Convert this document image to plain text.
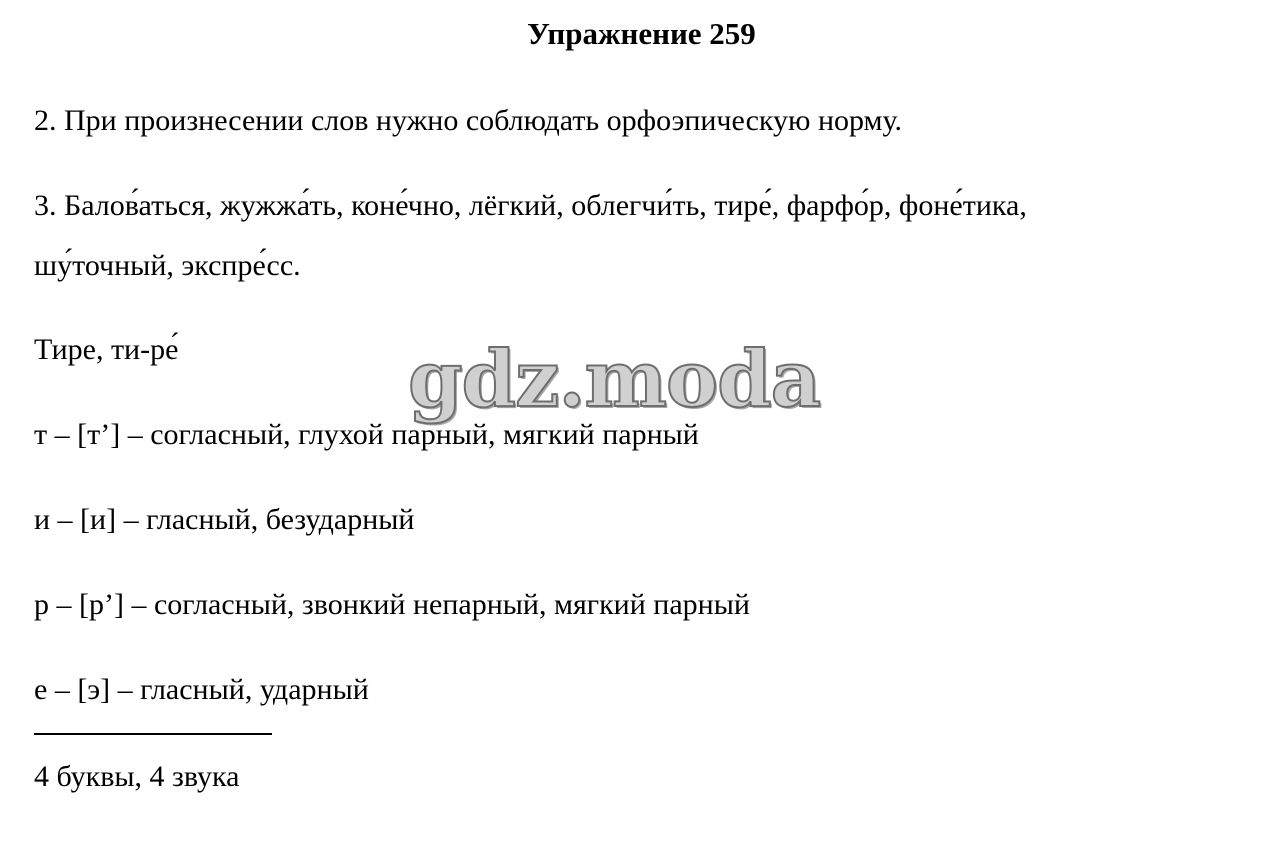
Упражнение 259
2. При произнесении слов нужно соблюдать орфоэпическую норму.
3. Балов́аться, жужжа́ть, коне́чно, лёгкий, облегчи́ть, тире́, фарфо́р, фоне́тика,
шу́точный, экспре́сс.
Тире, ти-ре́
т – [т’] – согласный, глухой парный, мягкий парный
и – [и] – гласный, безударный
р – [р’] – согласный, звонкий непарный, мягкий парный
е – [э] – гласный, ударный
4 буквы, 4 звука
gdz.moda
